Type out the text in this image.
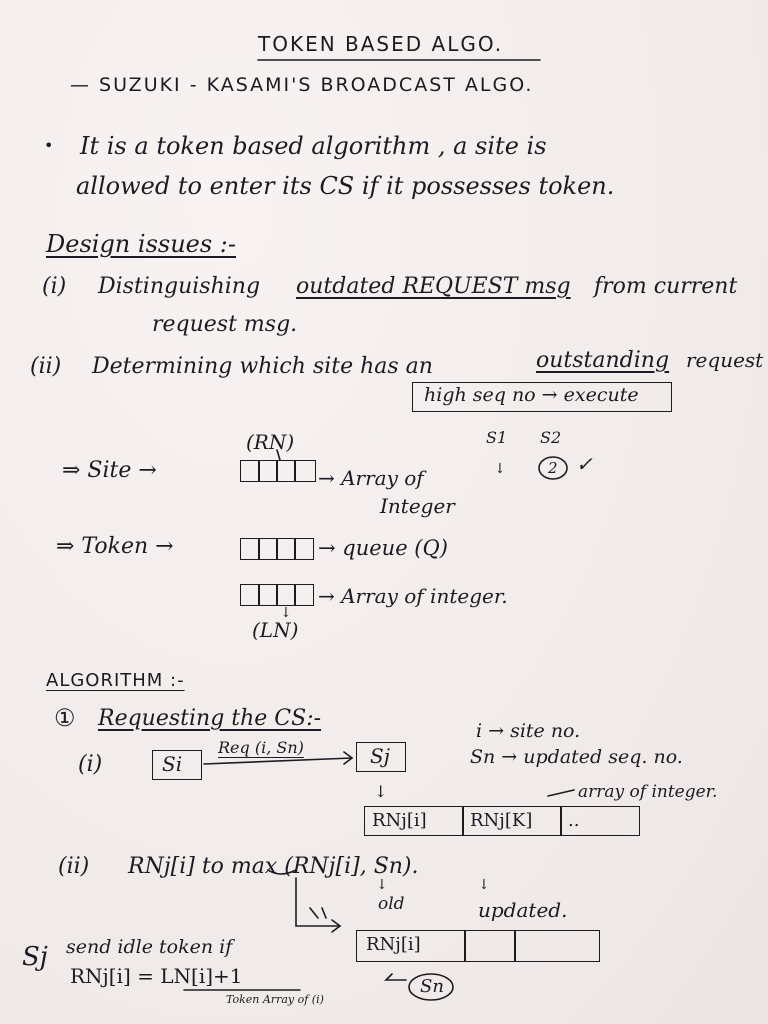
TOKEN BASED ALGO.
— SUZUKI - KASAMI'S BROADCAST ALGO.
• It is a token based algorithm , a site is
allowed to enter its CS if it possesses token.
Design issues :-
(i) Distinguishing outdated REQUEST msg from current
request msg.
(ii) Determining which site has an	outstanding request
high seq no → execute
(RN)	S1 S2
↓	2 ✓
⇒ Site →	→ Array of
Integer
⇒ Token →	→ queue (Q)
→ Array of integer.
↓
(LN)
ALGORITHM :-
① Requesting the CS:-
(i)	Si
Req (i, Sn)	Sj
i → site no.
Sn → updated seq. no.
array of integer.
↓
RNj[i] RNj[K] ..
(ii) RNj[i] to max (RNj[i], Sn).
↓
old
↓
updated.
Sj send idle token if
RNj[i] = LN[i]+1
Token Array of (i)
RNj[i]
Sn
